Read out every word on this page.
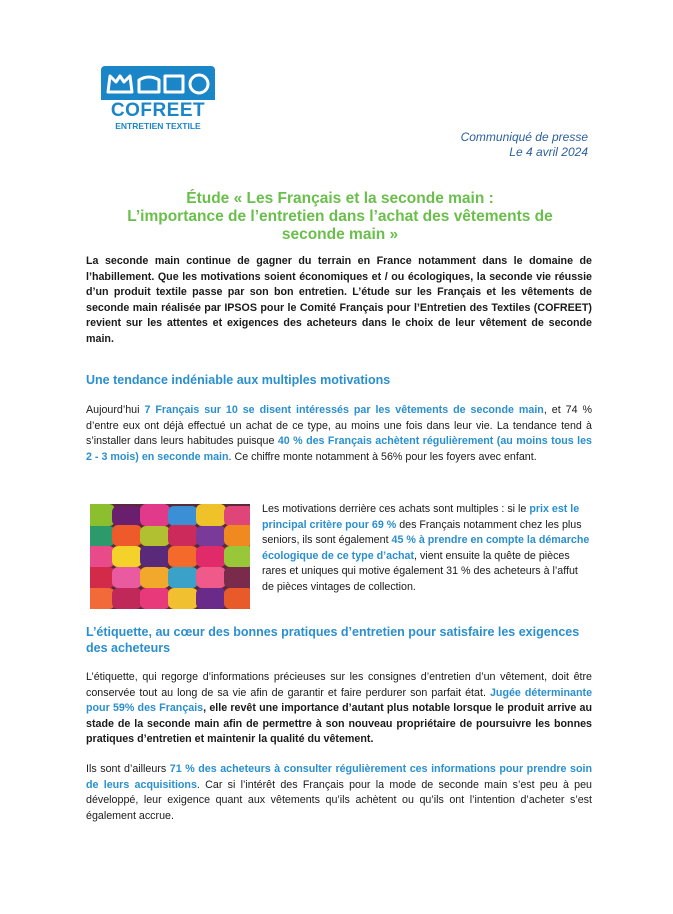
COFREET
ENTRETIEN TEXTILE
Communiqué de presse
Le 4 avril 2024
Étude « Les Français et la seconde main :
L’importance de l’entretien dans l’achat des vêtements de
seconde main »
La seconde main continue de gagner du terrain en France notamment dans le domaine de l’habillement. Que les motivations soient économiques et / ou écologiques, la seconde vie réussie d’un produit textile passe par son bon entretien. L’étude sur les Français et les vêtements de seconde main réalisée par IPSOS pour le Comité Français pour l’Entretien des Textiles (COFREET) revient sur les attentes et exigences des acheteurs dans le choix de leur vêtement de seconde main.
Une tendance indéniable aux multiples motivations
Aujourd’hui 7 Français sur 10 se disent intéressés par les vêtements de seconde main, et 74 % d’entre eux ont déjà effectué un achat de ce type, au moins une fois dans leur vie. La tendance tend à s’installer dans leurs habitudes puisque 40 % des Français achètent régulièrement (au moins tous les 2 - 3 mois) en seconde main. Ce chiffre monte notamment à 56% pour les foyers avec enfant.
Les motivations derrière ces achats sont multiples : si le prix est le principal critère pour 69 % des Français notamment chez les plus seniors, ils sont également 45 % à prendre en compte la démarche écologique de ce type d’achat, vient ensuite la quête de pièces rares et uniques qui motive également 31 % des acheteurs à l’affut de pièces vintages de collection.
L’étiquette, au cœur des bonnes pratiques d’entretien pour satisfaire les exigences des acheteurs
L’étiquette, qui regorge d’informations précieuses sur les consignes d’entretien d’un vêtement, doit être conservée tout au long de sa vie afin de garantir et faire perdurer son parfait état. Jugée déterminante pour 59% des Français, elle revêt une importance d’autant plus notable lorsque le produit arrive au stade de la seconde main afin de permettre à son nouveau propriétaire de poursuivre les bonnes pratiques d’entretien et maintenir la qualité du vêtement.
Ils sont d’ailleurs 71 % des acheteurs à consulter régulièrement ces informations pour prendre soin de leurs acquisitions. Car si l’intérêt des Français pour la mode de seconde main s’est peu à peu développé, leur exigence quant aux vêtements qu’ils achètent ou qu’ils ont l’intention d’acheter s’est également accrue.
